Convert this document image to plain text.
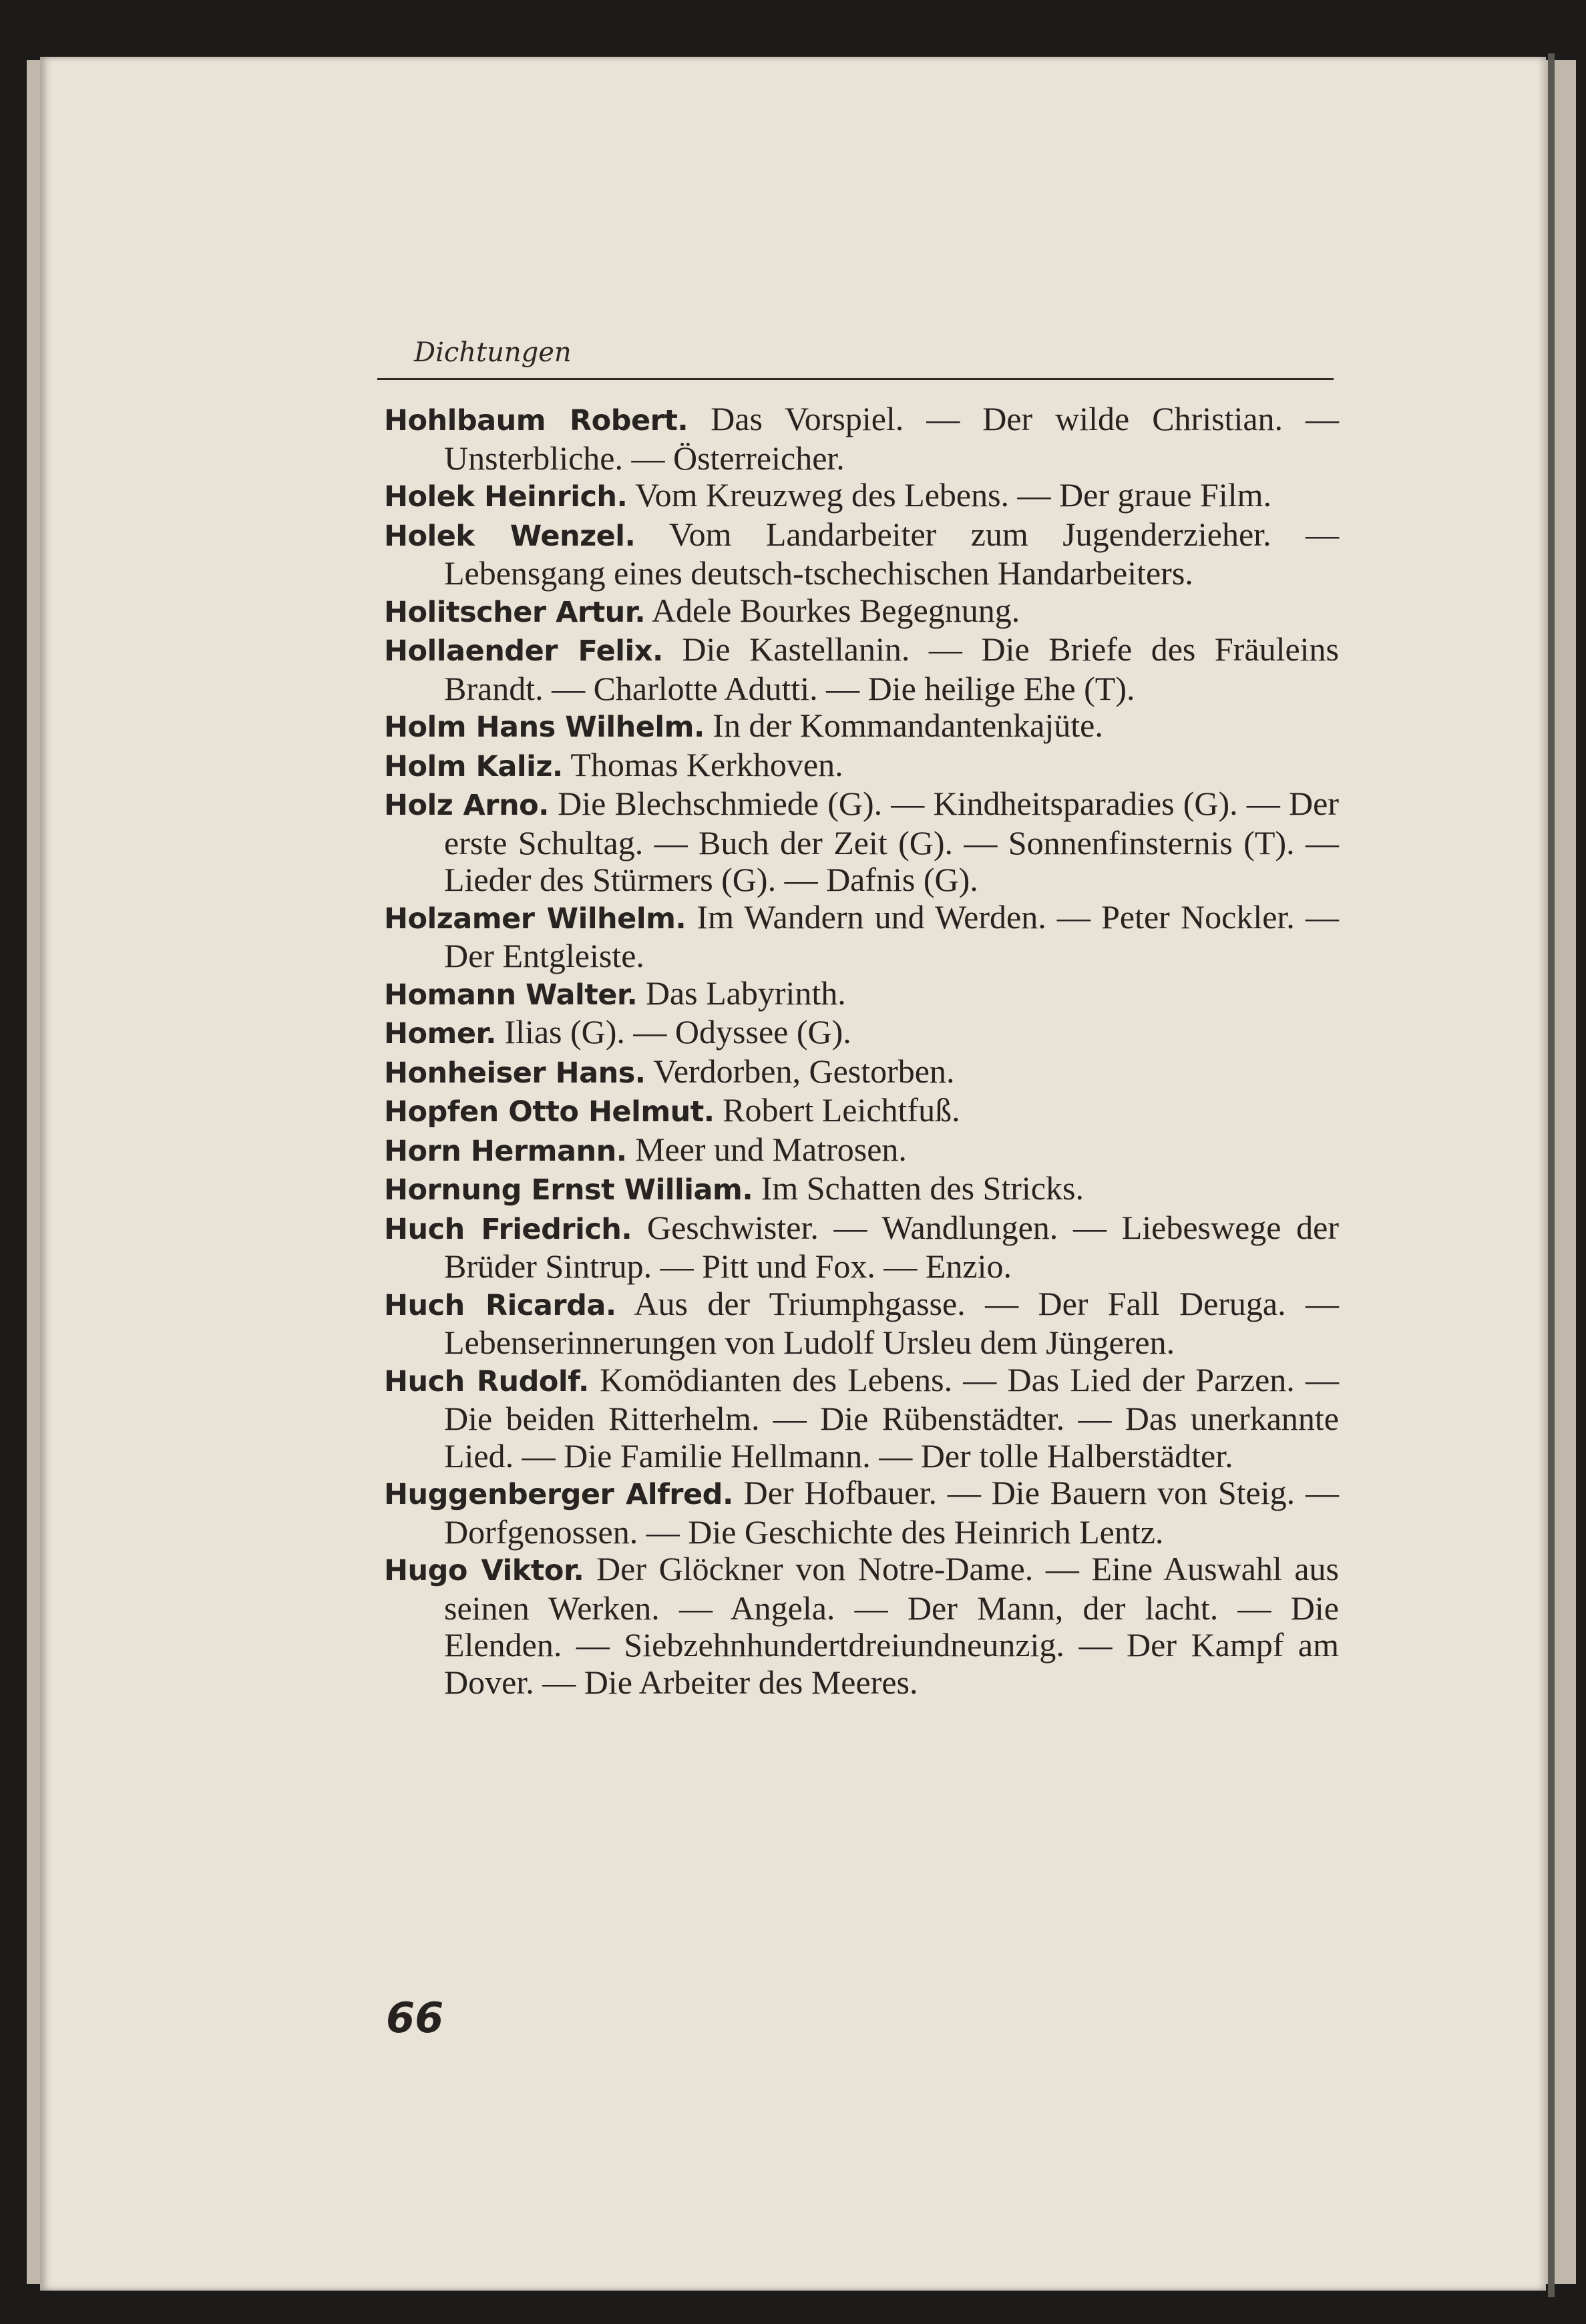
Dichtungen

Hohlbaum Robert. Das Vorspiel. — Der wilde Christian. — Unsterbliche. — Österreicher.

Holek Heinrich. Vom Kreuzweg des Lebens. — Der graue Film.

Holek Wenzel. Vom Landarbeiter zum Jugenderzieher. — Lebensgang eines deutsch-tschechischen Handarbeiters.

Holitscher Artur. Adele Bourkes Begegnung.

Hollaender Felix. Die Kastellanin. — Die Briefe des Fräuleins Brandt. — Charlotte Adutti. — Die heilige Ehe (T).

Holm Hans Wilhelm. In der Kommandantenkajüte.

Holm Kaliz. Thomas Kerkhoven.

Holz Arno. Die Blechschmiede (G). — Kindheitsparadies (G). — Der erste Schultag. — Buch der Zeit (G). — Sonnenfinsternis (T). — Lieder des Stürmers (G). — Dafnis (G).

Holzamer Wilhelm. Im Wandern und Werden. — Peter Nockler. — Der Entgleiste.

Homann Walter. Das Labyrinth.

Homer. Ilias (G). — Odyssee (G).

Honheiser Hans. Verdorben, Gestorben.

Hopfen Otto Helmut. Robert Leichtfuß.

Horn Hermann. Meer und Matrosen.

Hornung Ernst William. Im Schatten des Stricks.

Huch Friedrich. Geschwister. — Wandlungen. — Liebeswege der Brüder Sintrup. — Pitt und Fox. — Enzio.

Huch Ricarda. Aus der Triumphgasse. — Der Fall Deruga. — Lebenserinnerungen von Ludolf Ursleu dem Jüngeren.

Huch Rudolf. Komödianten des Lebens. — Das Lied der Parzen. — Die beiden Ritterhelm. — Die Rübenstädter. — Das unerkannte Lied. — Die Familie Hellmann. — Der tolle Halberstädter.

Huggenberger Alfred. Der Hofbauer. — Die Bauern von Steig. — Dorfgenossen. — Die Geschichte des Heinrich Lentz.

Hugo Viktor. Der Glöckner von Notre-Dame. — Eine Auswahl aus seinen Werken. — Angela. — Der Mann, der lacht. — Die Elenden. — Siebzehnhundertdreiundneunzig. — Der Kampf am Dover. — Die Arbeiter des Meeres.

66
